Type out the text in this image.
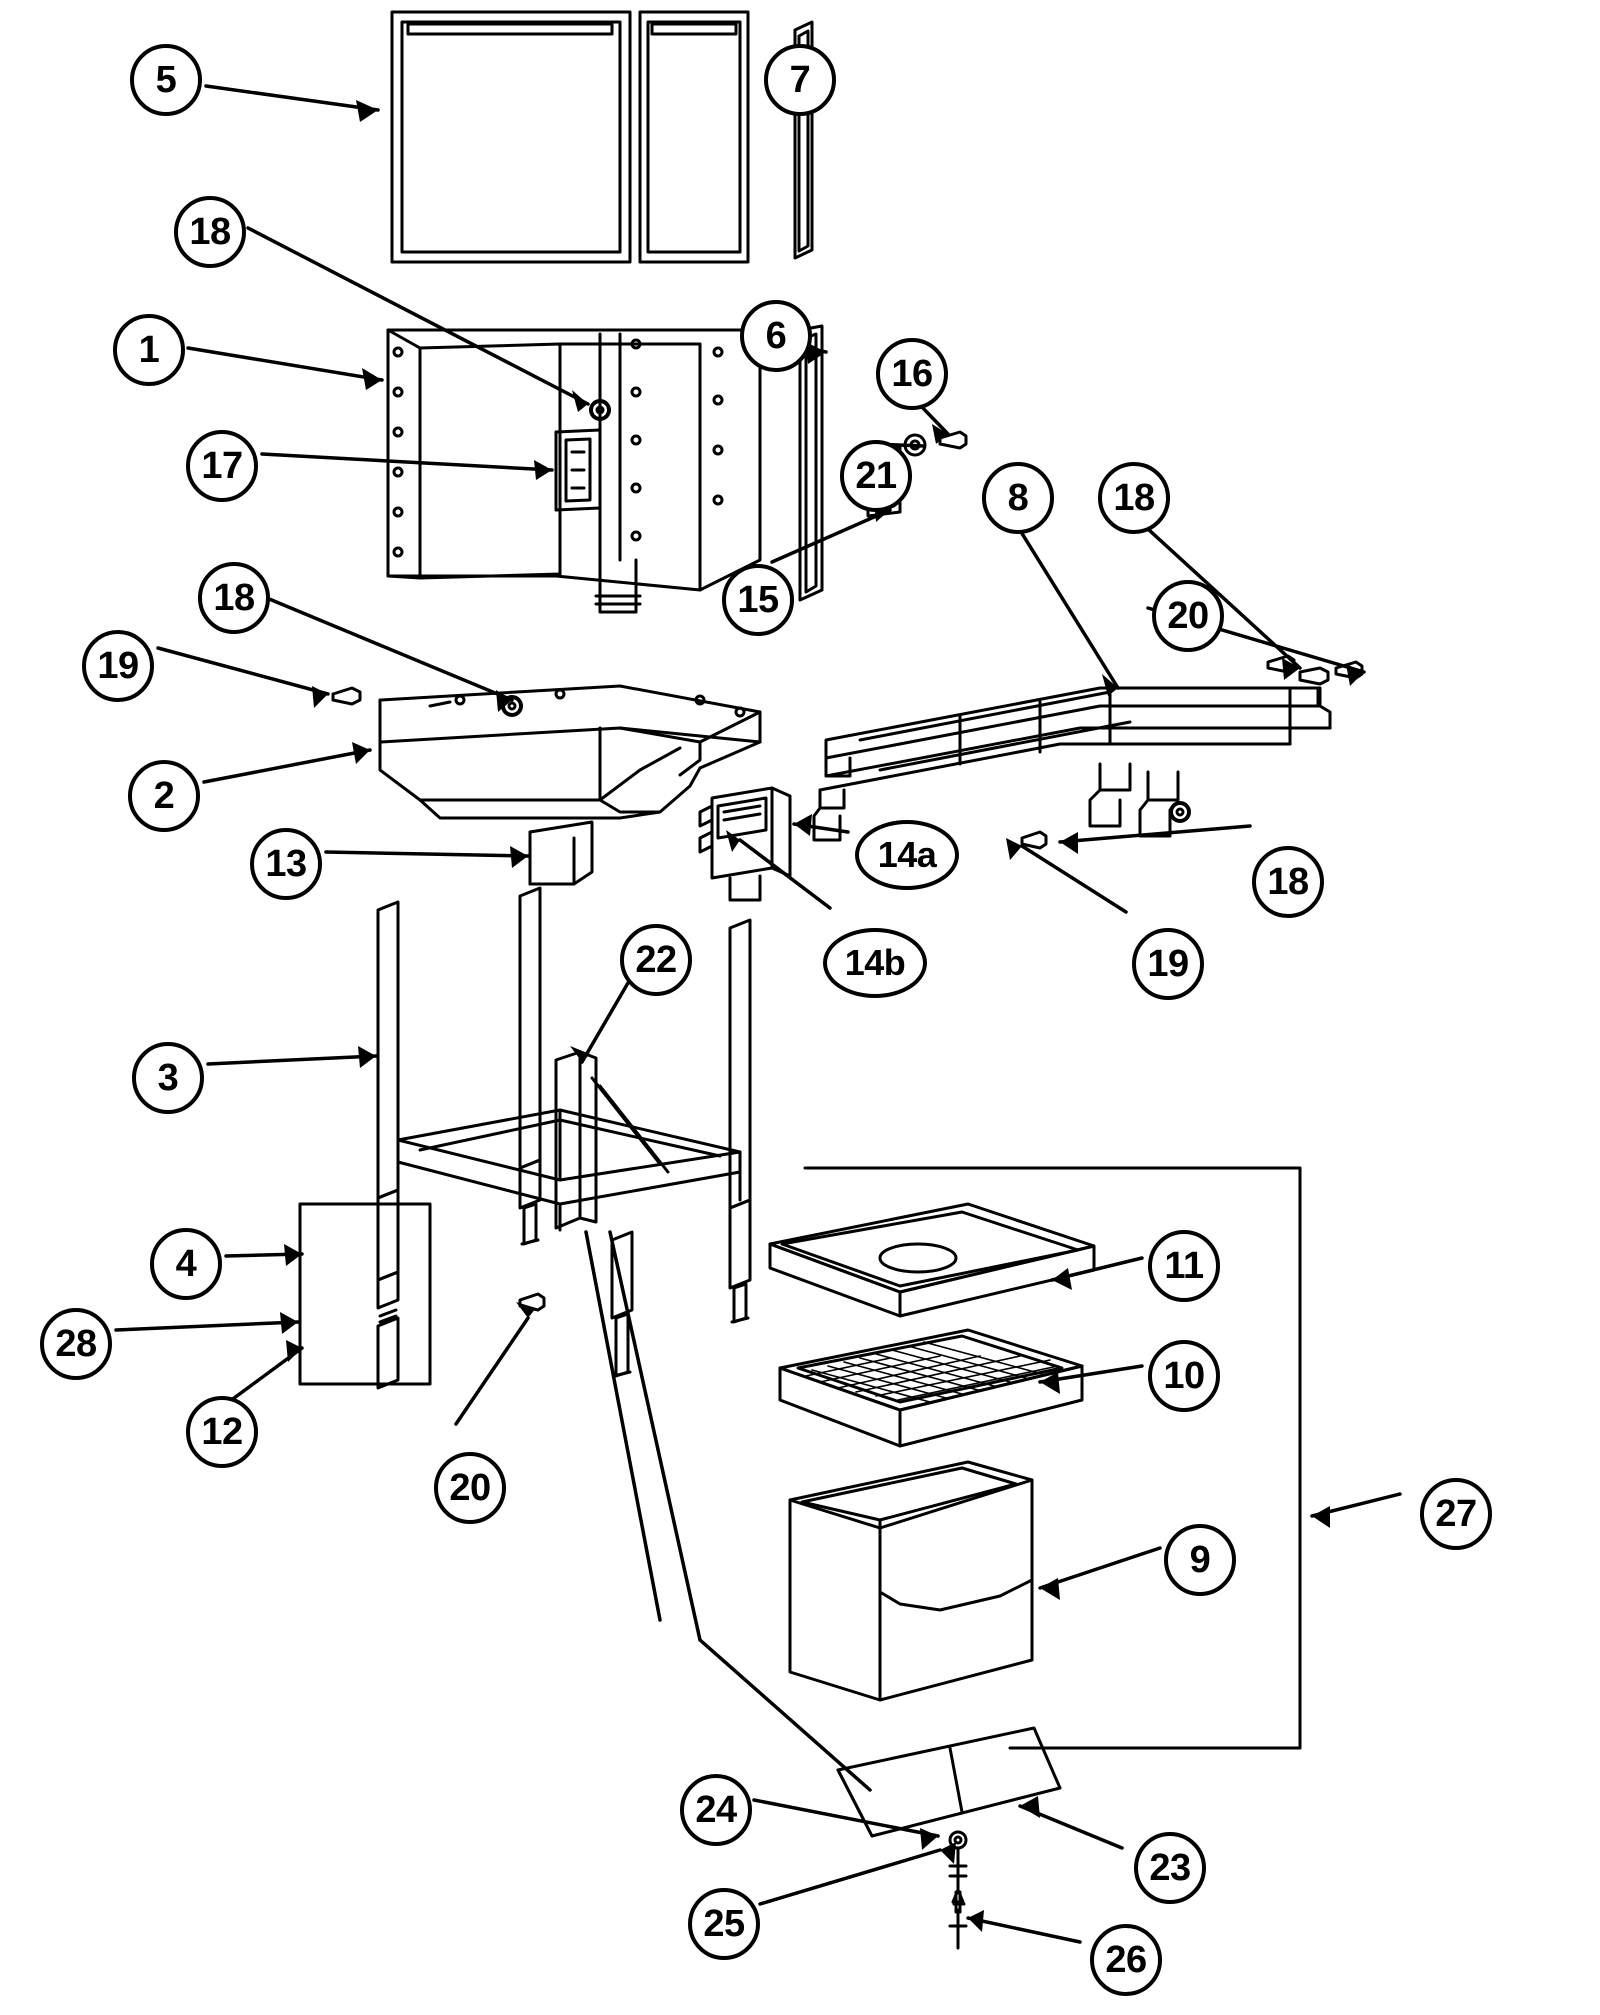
5	7
18
1	6
16
17	21
8	18
15	20
18
19
2
13	14a
18
14b	19
22
3
11
4
10
28
12
27
20
9
24
23
25
26
